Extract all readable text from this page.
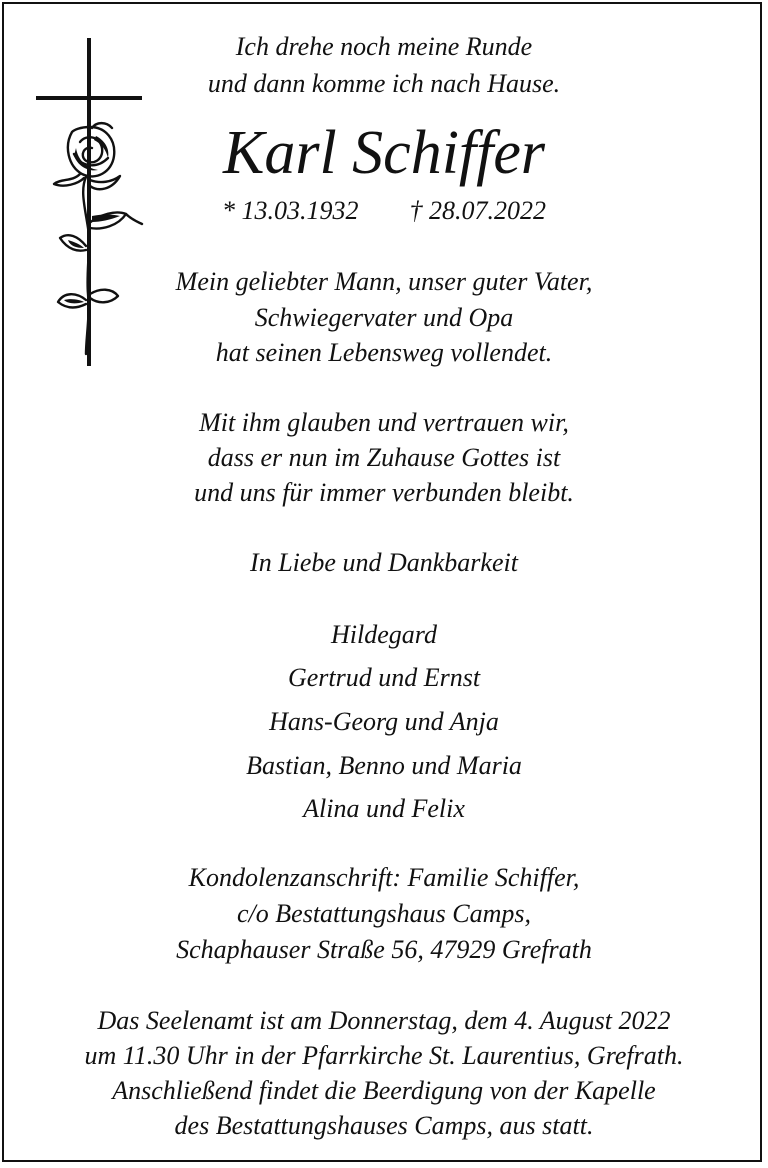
Ich drehe noch meine Runde
und dann komme ich nach Hause.
Karl Schiffer
* 13.03.1932 † 28.07.2022
Mein geliebter Mann, unser guter Vater,
Schwiegervater und Opa
hat seinen Lebensweg vollendet.
Mit ihm glauben und vertrauen wir,
dass er nun im Zuhause Gottes ist
und uns für immer verbunden bleibt.
In Liebe und Dankbarkeit
Hildegard
Gertrud und Ernst
Hans-Georg und Anja
Bastian, Benno und Maria
Alina und Felix
Kondolenzanschrift: Familie Schiffer,
c/o Bestattungshaus Camps,
Schaphauser Straße 56, 47929 Grefrath
Das Seelenamt ist am Donnerstag, dem 4. August 2022
um 11.30 Uhr in der Pfarrkirche St. Laurentius, Grefrath.
Anschließend findet die Beerdigung von der Kapelle
des Bestattungshauses Camps, aus statt.
